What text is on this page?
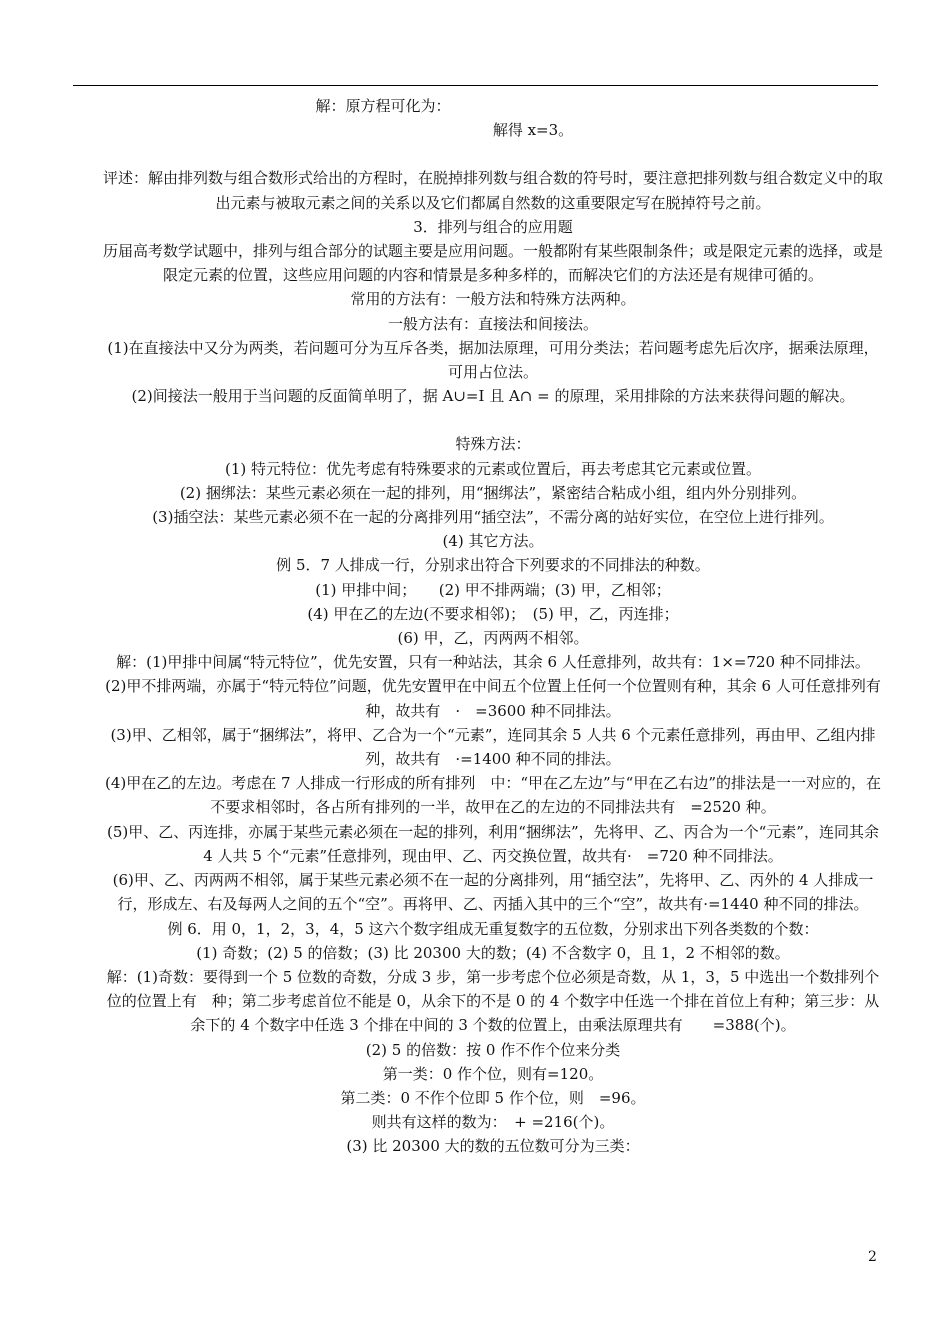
解：原方程可化为：

解得 x=3。

评述：解由排列数与组合数形式给出的方程时，在脱掉排列数与组合数的符号时，要注意把排列数与组合数定义中的取出元素与被取元素之间的关系以及它们都属自然数的这重要限定写在脱掉符号之前。

3．排列与组合的应用题

历届高考数学试题中，排列与组合部分的试题主要是应用问题。一般都附有某些限制条件；或是限定元素的选择，或是限定元素的位置，这些应用问题的内容和情景是多种多样的，而解决它们的方法还是有规律可循的。

常用的方法有：一般方法和特殊方法两种。

一般方法有：直接法和间接法。

(1)在直接法中又分为两类，若问题可分为互斥各类，据加法原理，可用分类法；若问题考虑先后次序，据乘法原理，可用占位法。

(2)间接法一般用于当问题的反面简单明了，据 A∪=I 且 A∩ = 的原理，采用排除的方法来获得问题的解决。

特殊方法：

(1) 特元特位：优先考虑有特殊要求的元素或位置后，再去考虑其它元素或位置。

(2) 捆绑法：某些元素必须在一起的排列，用“捆绑法”，紧密结合粘成小组，组内外分别排列。

(3)插空法：某些元素必须不在一起的分离排列用“插空法”，不需分离的站好实位，在空位上进行排列。

(4) 其它方法。

例 5．7 人排成一行，分别求出符合下列要求的不同排法的种数。

(1) 甲排中间；　　(2) 甲不排两端；(3) 甲，乙相邻；

(4) 甲在乙的左边(不要求相邻)；　(5) 甲，乙，丙连排；

(6) 甲，乙，丙两两不相邻。

解：(1)甲排中间属“特元特位”，优先安置，只有一种站法，其余 6 人任意排列，故共有：1×=720 种不同排法。

(2)甲不排两端，亦属于“特元特位”问题，优先安置甲在中间五个位置上任何一个位置则有种，其余 6 人可任意排列有　种，故共有　·　=3600 种不同排法。

(3)甲、乙相邻，属于“捆绑法”，将甲、乙合为一个“元素”，连同其余 5 人共 6 个元素任意排列，再由甲、乙组内排列，故共有　·=1400 种不同的排法。

(4)甲在乙的左边。考虑在 7 人排成一行形成的所有排列　中：“甲在乙左边”与“甲在乙右边”的排法是一一对应的，在不要求相邻时，各占所有排列的一半，故甲在乙的左边的不同排法共有　=2520 种。

(5)甲、乙、丙连排，亦属于某些元素必须在一起的排列，利用“捆绑法”，先将甲、乙、丙合为一个“元素”，连同其余 4 人共 5 个“元素”任意排列，现由甲、乙、丙交换位置，故共有·　=720 种不同排法。

(6)甲、乙、丙两两不相邻，属于某些元素必须不在一起的分离排列，用“插空法”，先将甲、乙、丙外的 4 人排成一行，形成左、右及每两人之间的五个“空”。再将甲、乙、丙插入其中的三个“空”，故共有·=1440 种不同的排法。

例 6．用 0，1，2，3，4，5 这六个数字组成无重复数字的五位数，分别求出下列各类数的个数：

(1) 奇数；(2) 5 的倍数；(3) 比 20300 大的数；(4) 不含数字 0，且 1，2 不相邻的数。

解：(1)奇数：要得到一个 5 位数的奇数，分成 3 步，第一步考虑个位必须是奇数，从 1，3，5 中选出一个数排列个位的位置上有　种；第二步考虑首位不能是 0，从余下的不是 0 的 4 个数字中任选一个排在首位上有种；第三步：从余下的 4 个数字中任选 3 个排在中间的 3 个数的位置上，由乘法原理共有　　=388(个)。

(2) 5 的倍数：按 0 作不作个位来分类

第一类：0 作个位，则有=120。

第二类：0 不作个位即 5 作个位，则　=96。

则共有这样的数为：　+ =216(个)。

(3) 比 20300 大的数的五位数可分为三类：

2
